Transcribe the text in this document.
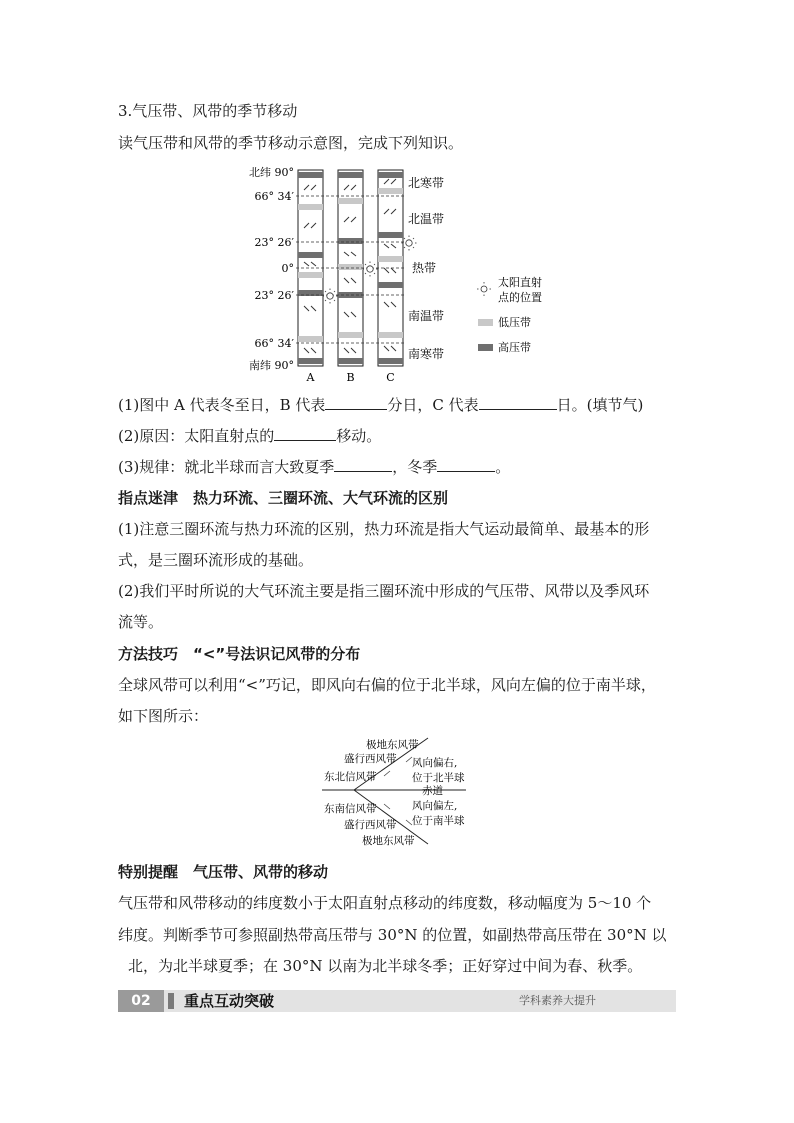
3.气压带、风带的季节移动
读气压带和风带的季节移动示意图，完成下列知识。
北纬 90°
66° 34′
23° 26′
0°
23° 26′
66° 34′
南纬 90°
A	B	C
北寒带
北温带
热带
南温带
南寒带
太阳直射
点的位置
低压带
高压带
(1)图中 A 代表冬至日，B 代表	分日，C 代表	日。(填节气)
(2)原因：太阳直射点的	移动。
(3)规律：就北半球而言大致夏季	，冬季	。
指点迷津　热力环流、三圈环流、大气环流的区别
(1)注意三圈环流与热力环流的区别，热力环流是指大气运动最简单、最基本的形
式，是三圈环流形成的基础。
(2)我们平时所说的大气环流主要是指三圈环流中形成的气压带、风带以及季风环
流等。
方法技巧　“<”号法识记风带的分布
全球风带可以利用“<”巧记，即风向右偏的位于北半球，风向左偏的位于南半球，
如下图所示：
极地东风带
盛行西风带
东北信风带
风向偏右,
位于北半球
赤道
风向偏左,
位于南半球
东南信风带
盛行西风带
极地东风带
特别提醒　气压带、风带的移动
气压带和风带移动的纬度数小于太阳直射点移动的纬度数，移动幅度为 5～10 个
纬度。判断季节可参照副热带高压带与 30°N 的位置，如副热带高压带在 30°N 以
北，为北半球夏季；在 30°N 以南为北半球冬季；正好穿过中间为春、秋季。
02	重点互动突破	学科素养大提升
